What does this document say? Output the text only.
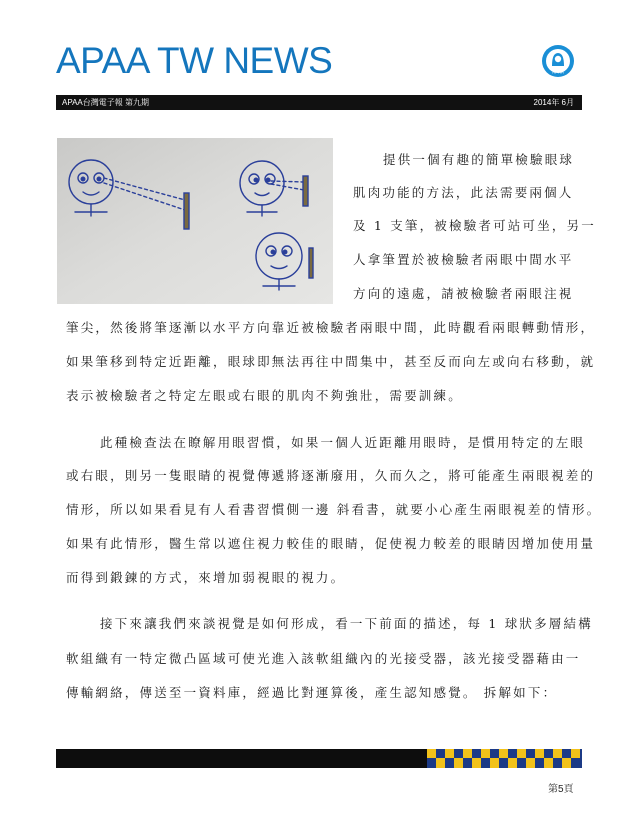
APAA TW NEWS	APAA
APAA台灣電子報 第九期	2014年 6月
提供一個有趣的簡單檢驗眼球
肌肉功能的方法，此法需要兩個人
及 1 支筆，被檢驗者可站可坐，另一
人拿筆置於被檢驗者兩眼中間水平
方向的遠處，請被檢驗者兩眼注視
筆尖，然後將筆逐漸以水平方向靠近被檢驗者兩眼中間，此時觀看兩眼轉動情形，
如果筆移到特定近距離，眼球即無法再往中間集中，甚至反而向左或向右移動，就
表示被檢驗者之特定左眼或右眼的肌肉不夠強壯，需要訓練。
此種檢查法在瞭解用眼習慣，如果一個人近距離用眼時，是慣用特定的左眼
或右眼，則另一隻眼睛的視覺傳遞將逐漸廢用，久而久之，將可能產生兩眼視差的
情形，所以如果看見有人看書習慣側一邊 斜看書，就要小心產生兩眼視差的情形。
如果有此情形，醫生常以遮住視力較佳的眼睛，促使視力較差的眼睛因增加使用量
而得到鍛鍊的方式，來增加弱視眼的視力。
接下來讓我們來談視覺是如何形成，看一下前面的描述，每 1 球狀多層結構
軟組織有一特定微凸區域可使光進入該軟組織內的光接受器，該光接受器藉由一
傳輸網絡，傳送至一資料庫，經過比對運算後，產生認知感覺。 拆解如下：
第5頁
